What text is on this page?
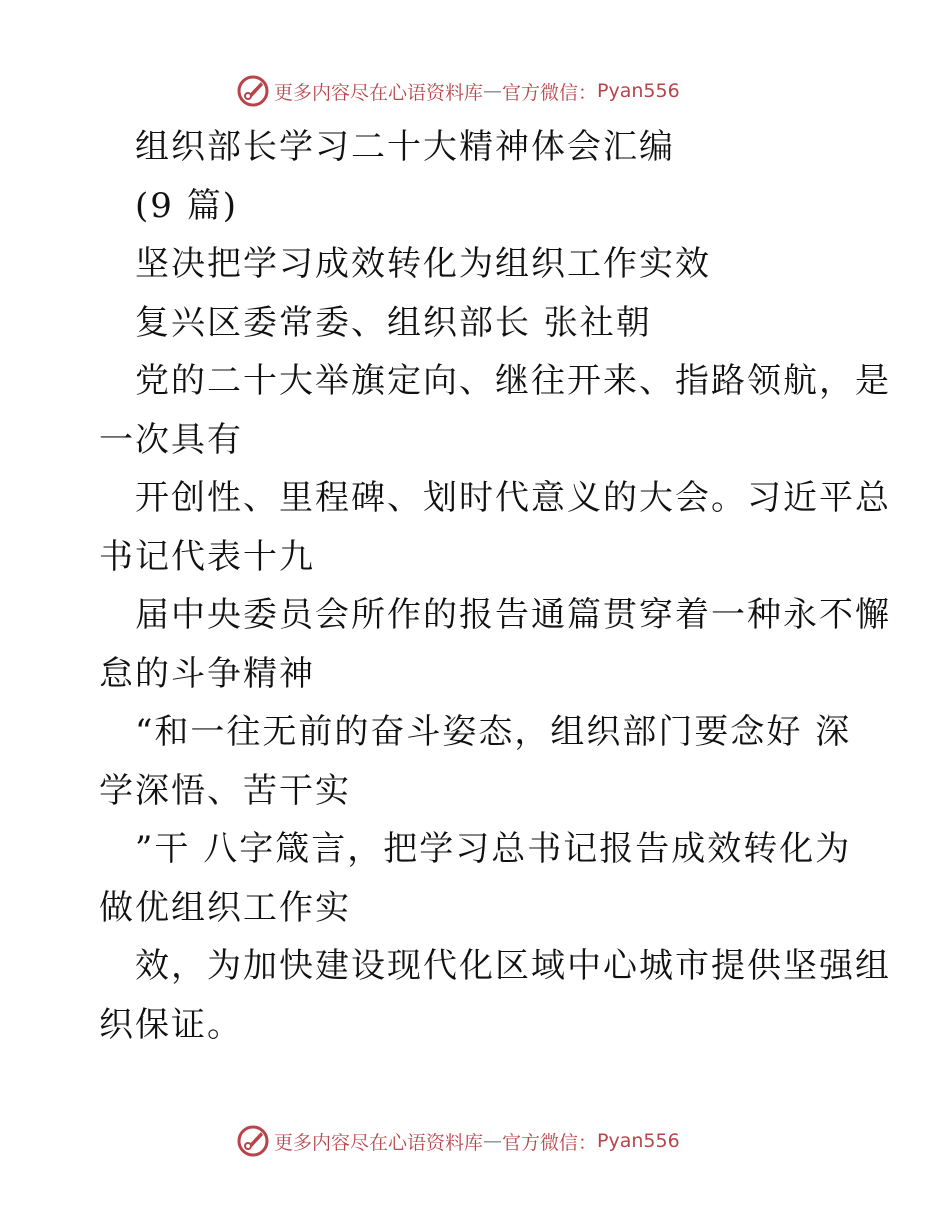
更多内容尽在心语资料库 — 官方微信： Pyan556
组织部长学习二十大精神体会汇编
(9 篇)
坚决把学习成效转化为组织工作实效
复兴区委常委、组织部长 张社朝
党的二十大举旗定向、继往开来、指路领航，是
一次具有
开创性、里程碑、划时代意义的大会。习近平总
书记代表十九
届中央委员会所作的报告通篇贯穿着一种永不懈
怠的斗争精神
“和一往无前的奋斗姿态，组织部门要念好 深
学深悟、苦干实
”干 八字箴言，把学习总书记报告成效转化为
做优组织工作实
效，为加快建设现代化区域中心城市提供坚强组
织保证。
更多内容尽在心语资料库 — 官方微信： Pyan556
